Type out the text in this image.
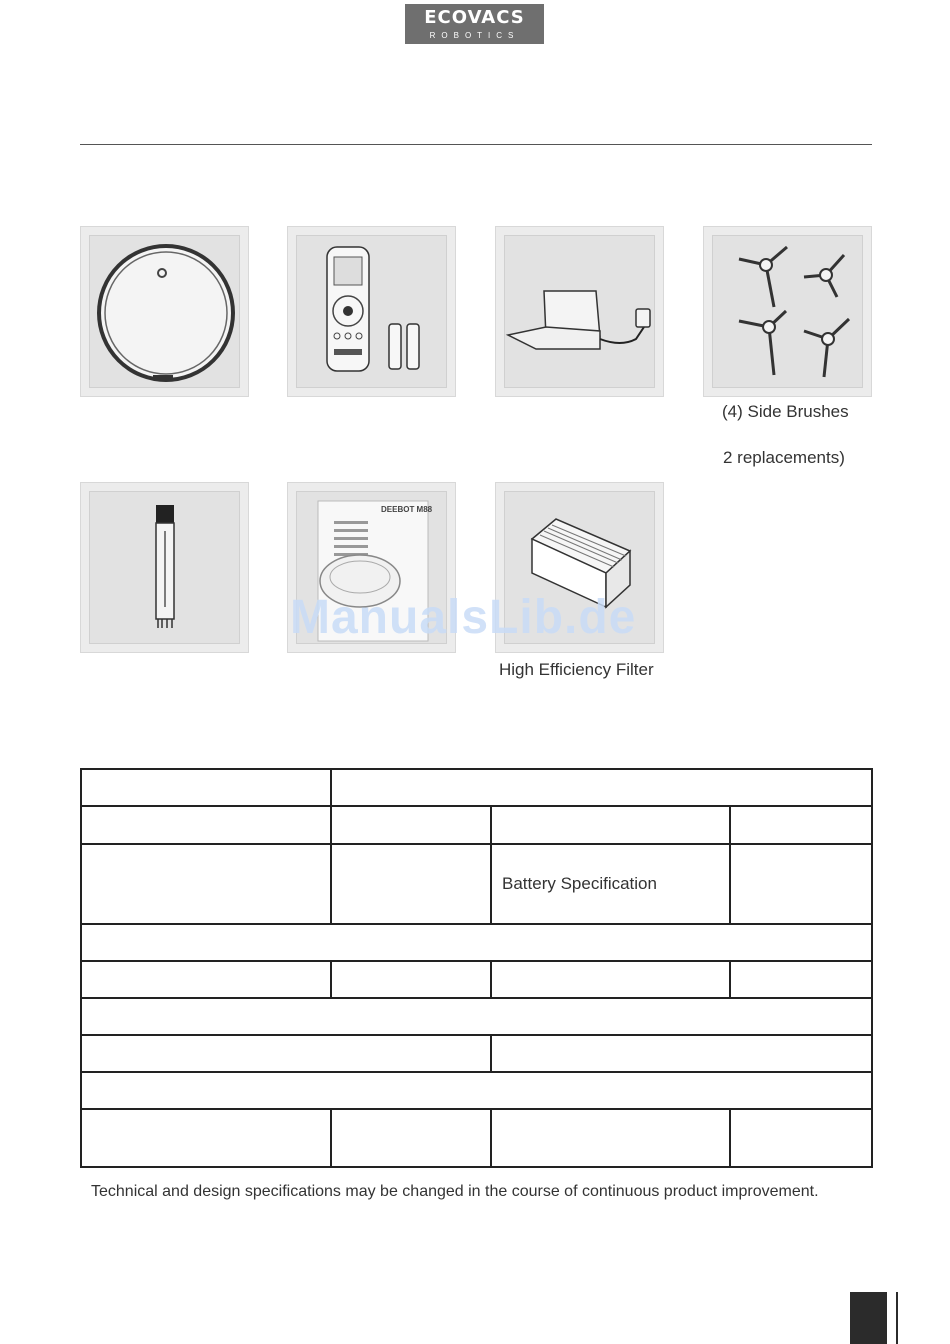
ECOVACS
ROBOTICS
(4) Side Brushes
2 replacements)
DEEBOT M88
High Efficiency Filter
ManualsLib.de

		Battery Specification	

Technical and design specifications may be changed in the course of continuous product improvement.
